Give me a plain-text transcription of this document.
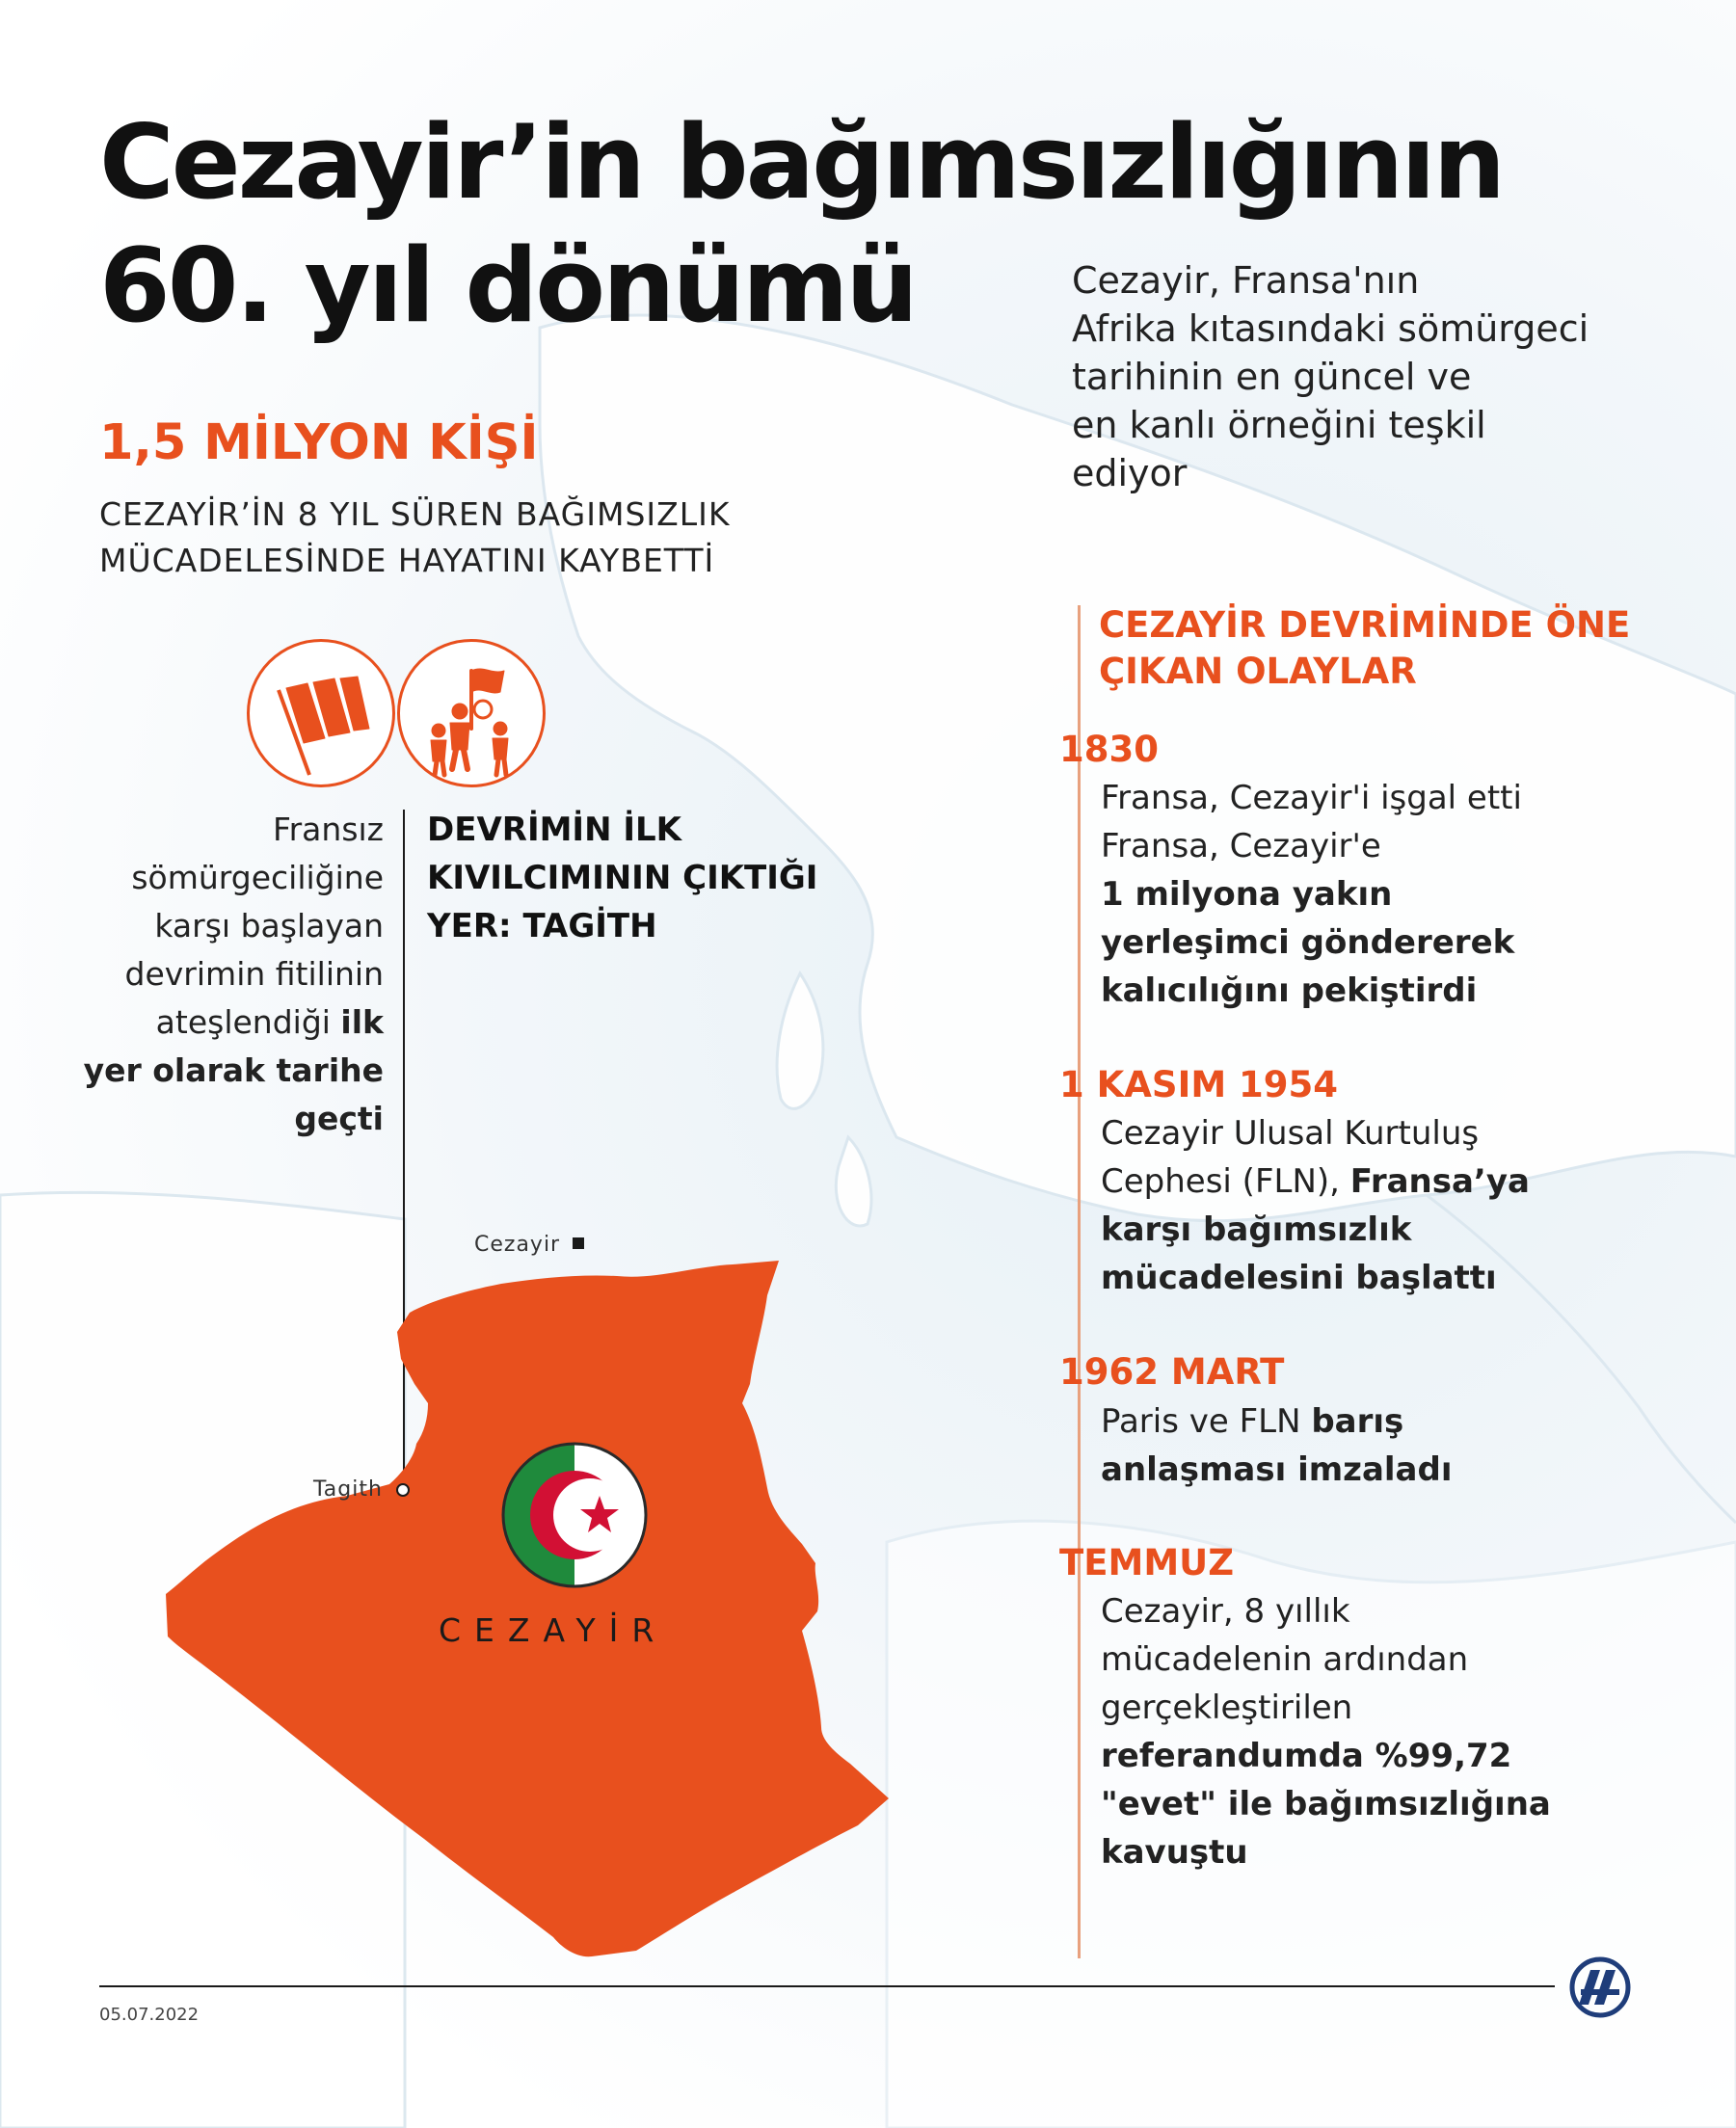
Cezayir’in bağımsızlığının
60. yıl dönümü	Cezayir, Fransa'nın
Afrika kıtasındaki sömürgeci
tarihinin en güncel ve
en kanlı örneğini teşkil
ediyor
1,5 MİLYON KİŞİ
CEZAYİR’İN 8 YIL SÜREN BAĞIMSIZLIK
MÜCADELESİNDE HAYATINI KAYBETTİ
Fransız
sömürgeciliğine
karşı başlayan
devrimin fitilinin
ateşlendiği ilk
yer olarak tarihe
geçti
DEVRİMİN İLK
KIVILCIMININ ÇIKTIĞI
YER: TAGİTH
Cezayir
Tagith
CEZAYİR
CEZAYİR DEVRİMİNDE ÖNE
ÇIKAN OLAYLAR
1830
Fransa, Cezayir'i işgal etti
Fransa, Cezayir'e
1 milyona yakın
yerleşimci göndererek
kalıcılığını pekiştirdi
1 KASIM 1954
Cezayir Ulusal Kurtuluş
Cephesi (FLN), Fransa’ya
karşı bağımsızlık
mücadelesini başlattı
1962 MART
Paris ve FLN barış
anlaşması imzaladı
TEMMUZ
Cezayir, 8 yıllık
mücadelenin ardından
gerçekleştirilen
referandumda %99,72
"evet" ile bağımsızlığına
kavuştu
05.07.2022
